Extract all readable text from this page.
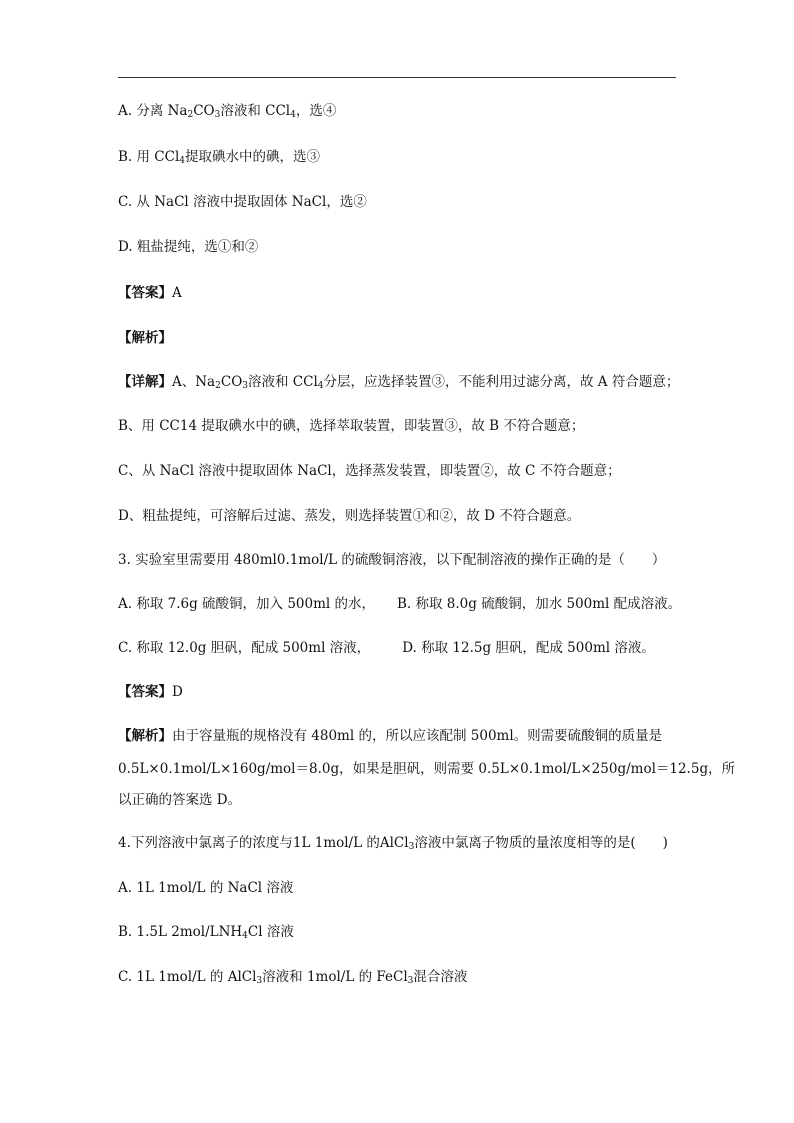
A. 分离 $Na_2CO_3$溶液和 CCl$_4$，选④
B. 用 CCl$_4$提取碘水中的碘，选③
C. 从 NaCl 溶液中提取固体 NaCl，选②
D. 粗盐提纯，选①和②
【答案】A
【解析】
【详解】A、$Na_2CO_3$溶液和 CCl$_4$分层，应选择装置③，不能利用过滤分离，故 A 符合题意；
B、用 CC14 提取碘水中的碘，选择萃取装置，即装置③，故 B 不符合题意；
C、从 NaCl 溶液中提取固体 NaCl，选择蒸发装置，即装置②，故 C 不符合题意；
D、粗盐提纯，可溶解后过滤、蒸发，则选择装置①和②，故 D 不符合题意。
3. 实验室里需要用 480ml0.1mol/L 的硫酸铜溶液，以下配制溶液的操作正确的是（　　）
A. 称取 7.6g 硫酸铜，加入 500ml 的水， B. 称取 8.0g 硫酸铜，加水 500ml 配成溶液。
C. 称取 12.0g 胆矾，配成 500ml 溶液， D. 称取 12.5g 胆矾，配成 500ml 溶液。
【答案】D
【解析】由于容量瓶的规格没有 480ml 的，所以应该配制 500ml。则需要硫酸铜的质量是
0.5L×0.1mol/L×160g/mol＝8.0g，如果是胆矾，则需要 0.5L×0.1mol/L×250g/mol＝12.5g，所
以正确的答案选 D。
4.下列溶液中氯离子的浓度与1L 1mol/L 的AlCl$_3$溶液中氯离子物质的量浓度相等的是(　　)
A. 1L 1mol/L 的 NaCl 溶液
B. 1.5L $2mol/LNH_4Cl$ 溶液
C. 1L 1mol/L 的 AlCl$_3$溶液和 1mol/L 的 FeCl$_3$混合溶液
